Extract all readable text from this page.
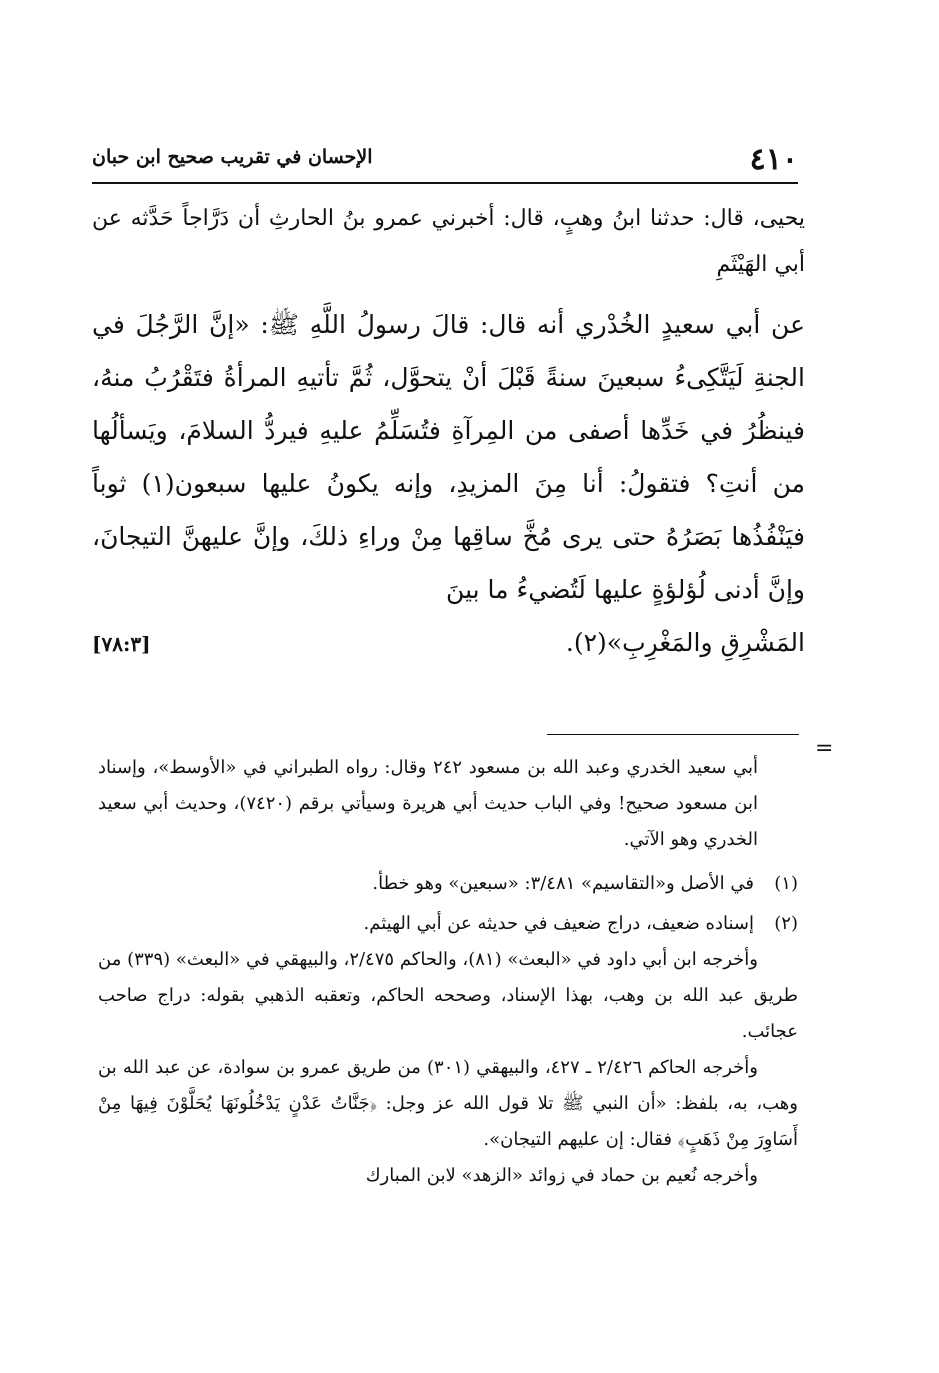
٤١٠
الإحسان في تقريب صحيح ابن حبان

يحيى، قال: حدثنا ابنُ وهبٍ، قال: أخبرني عمرو بنُ الحارثِ أن دَرَّاجاً حَدَّثه عن أبي الهَيْثَمِ

عن أبي سعيدٍ الخُدْري أنه قال: قالَ رسولُ اللَّهِ ﷺ: «إنَّ الرَّجُلَ في الجنةِ لَيَتَّكِىءُ سبعينَ سنةً قَبْلَ أنْ يتحوَّل، ثُمَّ تأتيهِ المرأةُ فتَقْرُبُ منهُ، فينظُرُ في خَدِّها أصفى من المِرآةِ فتُسَلِّمُ عليهِ فيردُّ السلامَ، ويَسألُها من أنتِ؟ فتقولُ: أنا مِنَ المزيدِ، وإنه يكونُ عليها سبعون(١) ثوباً فيَنْفُذُها بَصَرُهُ حتى يرى مُخَّ ساقِها مِنْ وراءِ ذلكَ، وإنَّ عليهنَّ التيجانَ، وإنَّ أدنى لُؤلؤةٍ عليها لَتُضيءُ ما بينَ
المَشْرِقِ والمَغْرِبِ»(٢).
[٧٨:٣]

=

أبي سعيد الخدري وعبد الله بن مسعود ٢٤٢ وقال: رواه الطبراني في «الأوسط»، وإسناد ابن مسعود صحيح! وفي الباب حديث أبي هريرة وسيأتي برقم (٧٤٢٠)، وحديث أبي سعيد الخدري وهو الآتي.

(١)
في الأصل و«التقاسيم» ٣/٤٨١: «سبعين» وهو خطأ.
(٢)
إسناده ضعيف، دراج ضعيف في حديثه عن أبي الهيثم.

وأخرجه ابن أبي داود في «البعث» (٨١)، والحاكم ٢/٤٧٥، والبيهقي في «البعث» (٣٣٩) من طريق عبد الله بن وهب، بهذا الإسناد، وصححه الحاكم، وتعقبه الذهبي بقوله: دراج صاحب عجائب.

وأخرجه الحاكم ٢/٤٢٦ ـ ٤٢٧، والبيهقي (٣٠١) من طريق عمرو بن سوادة، عن عبد الله بن وهب، به، بلفظ: «أن النبي ﷺ تلا قول الله عز وجل: ﴿جَنَّاتُ عَدْنٍ يَدْخُلُونَهَا يُحَلَّوْنَ فِيهَا مِنْ أَسَاوِرَ مِنْ ذَهَبٍ﴾ فقال: إن عليهم التيجان».

وأخرجه نُعيم بن حماد في زوائد «الزهد» لابن المبارك
